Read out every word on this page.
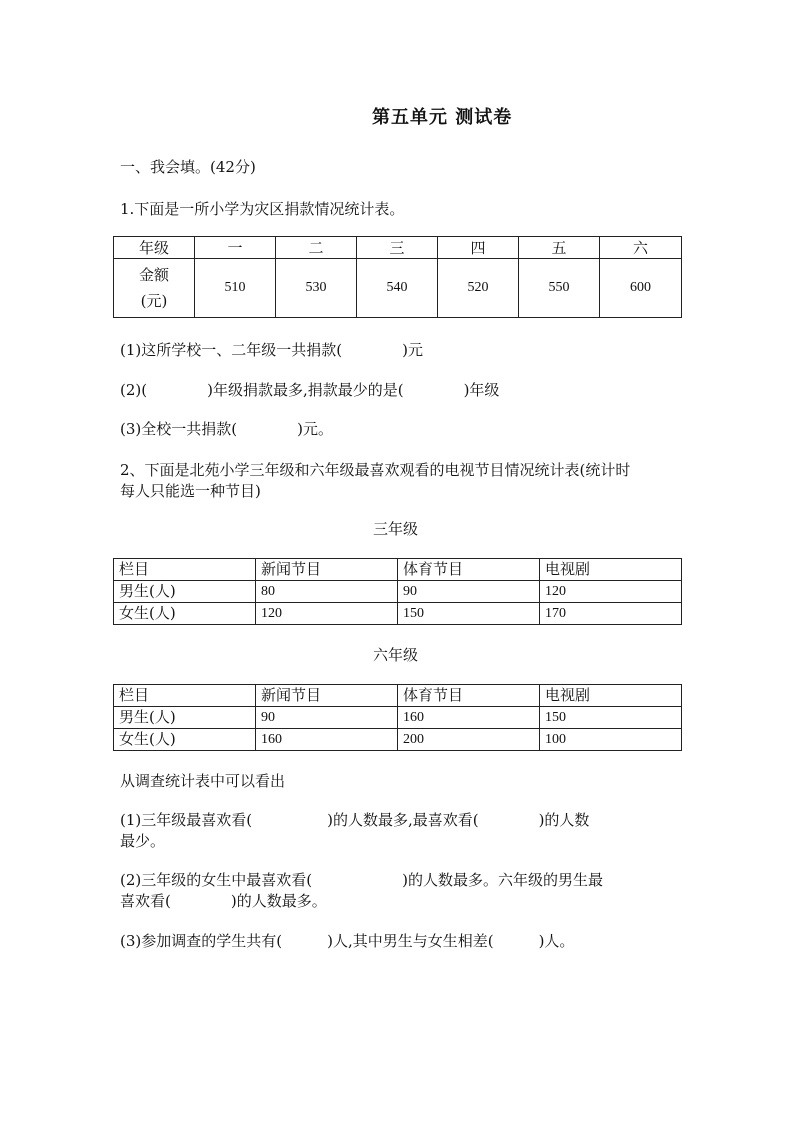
第五单元 测试卷
一、我会填。(42分)
1.下面是一所小学为灾区捐款情况统计表。
年级	一	二	三	四	五	六

金额
(元)	510	530	540	520	550	600
(1)这所学校一、二年级一共捐款(　　　　)元
(2)(　　　　)年级捐款最多,捐款最少的是(　　　　)年级
(3)全校一共捐款(　　　　)元。
2、下面是北苑小学三年级和六年级最喜欢观看的电视节目情况统计表(统计时
每人只能选一种节目)
三年级
栏目	新闻节目	体育节目	电视剧
男生(人)	80	90	120
女生(人)	120	150	170
六年级
栏目	新闻节目	体育节目	电视剧
男生(人)	90	160	150
女生(人)	160	200	100
从调查统计表中可以看出
(1)三年级最喜欢看(　　　　　)的人数最多,最喜欢看(　　　　)的人数
最少。
(2)三年级的女生中最喜欢看(　　　　　　)的人数最多。六年级的男生最
喜欢看(　　　　)的人数最多。
(3)参加调查的学生共有(　　　)人,其中男生与女生相差(　　　)人。
